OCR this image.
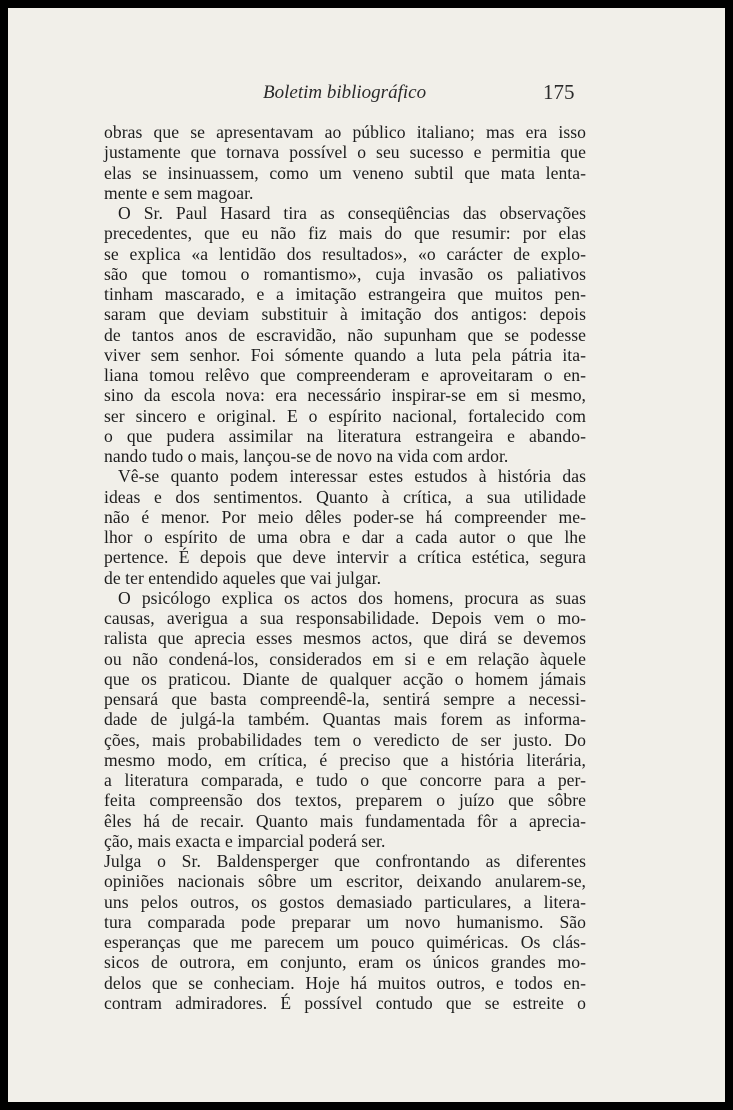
Boletim bibliográfico	175
obras que se apresentavam ao público italiano; mas era isso
justamente que tornava possível o seu sucesso e permitia que
elas se insinuassem, como um veneno subtil que mata lenta-
mente e sem magoar.
O Sr. Paul Hasard tira as conseqüências das observações
precedentes, que eu não fiz mais do que resumir: por elas
se explica «a lentidão dos resultados», «o carácter de explo-
são que tomou o romantismo», cuja invasão os paliativos
tinham mascarado, e a imitação estrangeira que muitos pen-
saram que deviam substituir à imitação dos antigos: depois
de tantos anos de escravidão, não supunham que se podesse
viver sem senhor. Foi sómente quando a luta pela pátria ita-
liana tomou relêvo que compreenderam e aproveitaram o en-
sino da escola nova: era necessário inspirar-se em si mesmo,
ser sincero e original. E o espírito nacional, fortalecido com
o que pudera assimilar na literatura estrangeira e abando-
nando tudo o mais, lançou-se de novo na vida com ardor.
Vê-se quanto podem interessar estes estudos à história das
ideas e dos sentimentos. Quanto à crítica, a sua utilidade
não é menor. Por meio dêles poder-se há compreender me-
lhor o espírito de uma obra e dar a cada autor o que lhe
pertence. É depois que deve intervir a crítica estética, segura
de ter entendido aqueles que vai julgar.
O psicólogo explica os actos dos homens, procura as suas
causas, averigua a sua responsabilidade. Depois vem o mo-
ralista que aprecia esses mesmos actos, que dirá se devemos
ou não condená-los, considerados em si e em relação àquele
que os praticou. Diante de qualquer acção o homem jámais
pensará que basta compreendê-la, sentirá sempre a necessi-
dade de julgá-la também. Quantas mais forem as informa-
ções, mais probabilidades tem o veredicto de ser justo. Do
mesmo modo, em crítica, é preciso que a história literária,
a literatura comparada, e tudo o que concorre para a per-
feita compreensão dos textos, preparem o juízo que sôbre
êles há de recair. Quanto mais fundamentada fôr a aprecia-
ção, mais exacta e imparcial poderá ser.
Julga o Sr. Baldensperger que confrontando as diferentes
opiniões nacionais sôbre um escritor, deixando anularem-se,
uns pelos outros, os gostos demasiado particulares, a litera-
tura comparada pode preparar um novo humanismo. São
esperanças que me parecem um pouco quiméricas. Os clás-
sicos de outrora, em conjunto, eram os únicos grandes mo-
delos que se conheciam. Hoje há muitos outros, e todos en-
contram admiradores. É possível contudo que se estreite o
